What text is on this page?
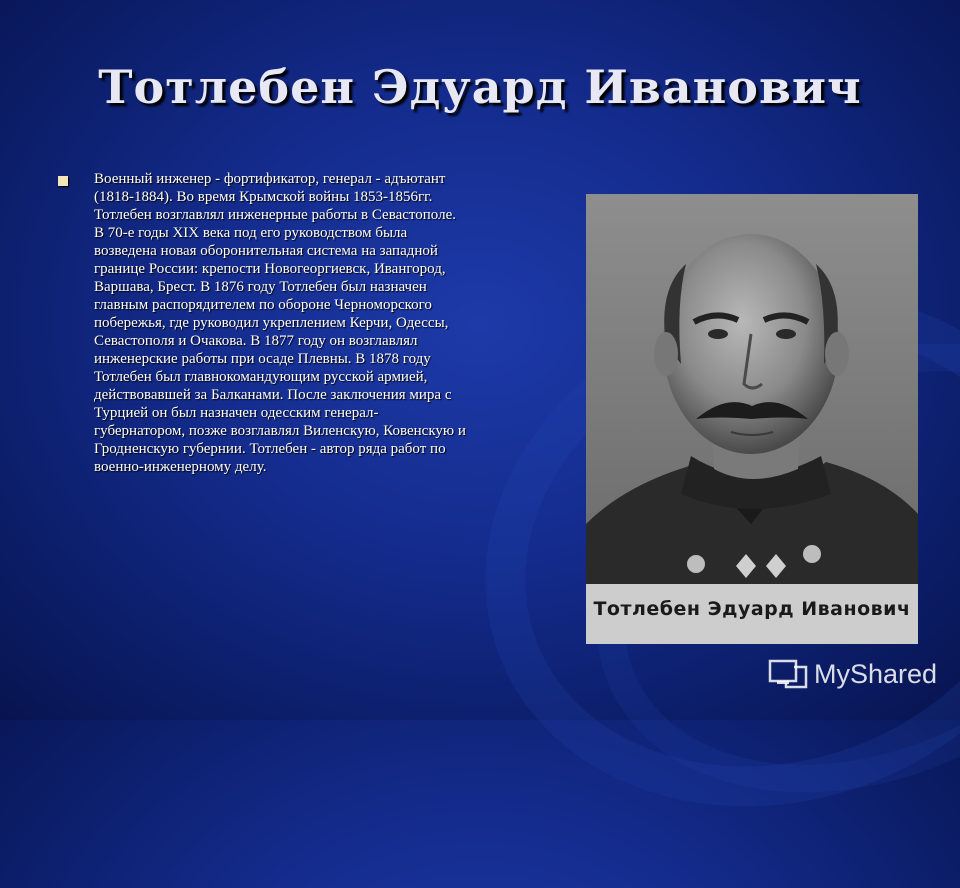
Тотлебен Эдуард Иванович
Военный инженер - фортификатор, генерал - адъютант (1818-1884). Во время Крымской войны 1853-1856гг. Тотлебен возглавлял инженерные работы в Севастополе. В 70-е годы XIX века под его руководством была возведена новая оборонительная система на западной границе России: крепости Новогеоргиевск, Ивангород, Варшава, Брест. В 1876 году Тотлебен был назначен главным распорядителем по обороне Черноморского побережья, где руководил укреплением Керчи, Одессы, Севастополя и Очакова. В 1877 году он возглавлял инженерские работы при осаде Плевны. В 1878 году Тотлебен был главнокомандующим русской армией, действовавшей за Балканами. После заключения мира с Турцией он был назначен одесским генерал-губернатором, позже возглавлял Виленскую, Ковенскую и Гродненскую губернии. Тотлебен - автор ряда работ по военно-инженерному делу.
Тотлебен Эдуард Иванович
MyShared
